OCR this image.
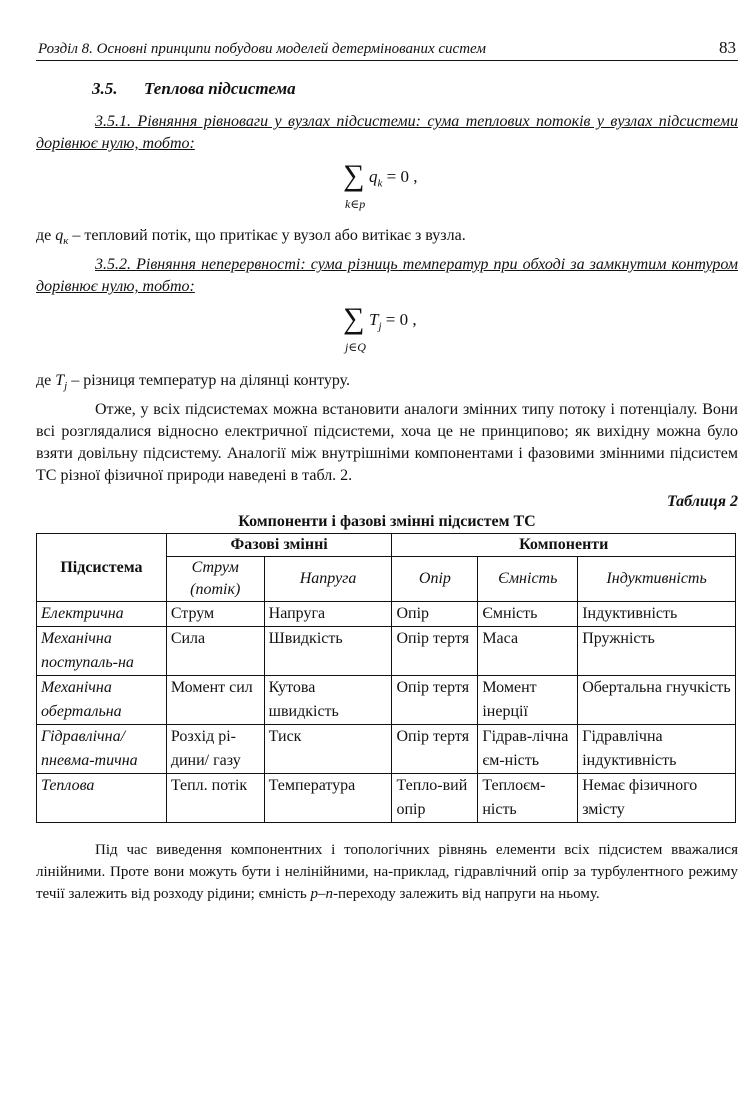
Розділ 8. Основні принципи побудови моделей детермінованих систем	83
3.5. Теплова підсистема

3.5.1. Рівняння рівноваги у вузлах підсистеми: сума теплових потоків у вузлах підсистеми дорівнює нулю, тобто:

∑ $q_k = 0$ ,
k∈p

де $q_к$ – тепловий потік, що притікає у вузол або витікає з вузла.

3.5.2. Рівняння неперервності: сума різниць температур при обході за замкнутим контуром дорівнює нулю, тобто:

∑ $T_j = 0$ ,
j∈Q

де $T_j$ – різниця температур на ділянці контуру.

Отже, у всіх підсистемах можна встановити аналоги змінних типу потоку і потенціалу. Вони всі розглядалися відносно електричної підсистеми, хоча це не принципово; як вихідну можна було взяти довільну підсистему. Аналогії між внутрішніми компонентами і фазовими змінними підсистем ТС різної фізичної природи наведені в табл. 2.

Таблиця 2
Компоненти і фазові змінні підсистем ТС
Підсистема	Фазові змінні		Компоненти		
	Струм (потік)	Напруга	Опір	Ємність	Індуктивність
Електрична	Струм	Напруга	Опір	Ємність	Індуктивність
Механічна поступаль-на	Сила	Швидкість	Опір тертя	Маса	Пружність
Механічна обертальна	Момент сил	Кутова швидкість	Опір тертя	Момент інерції	Обертальна гнучкість
Гідравлічна/ пневма-тична	Розхід рі-дини/ газу	Тиск	Опір тертя	Гідрав-лічна єм-ність	Гідравлічна індуктивність
Теплова	Тепл. потік	Температура	Тепло-вий опір	Теплоєм-ність	Немає фізичного змісту

Під час виведення компонентних і топологічних рівнянь елементи всіх підсистем вважалися лінійними. Проте вони можуть бути і нелінійними, на-приклад, гідравлічний опір за турбулентного режиму течії залежить від розходу рідини; ємність p–n-переходу залежить від напруги на ньому.
